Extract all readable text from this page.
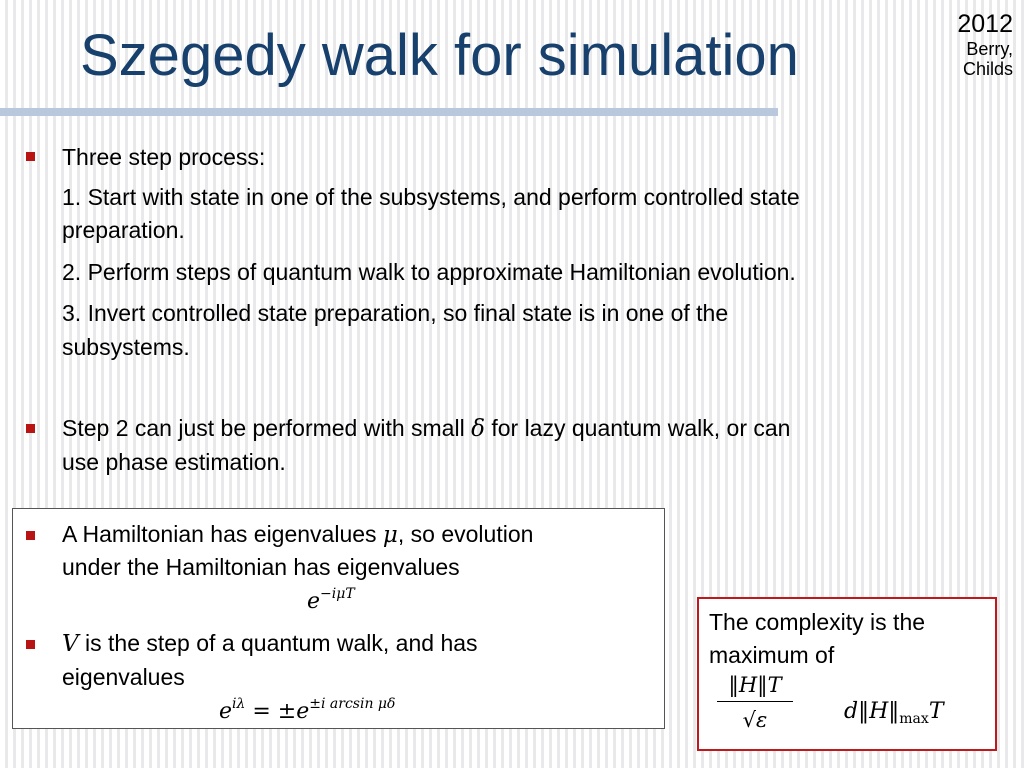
Szegedy walk for simulation	2012
Berry,
Childs
Three step process:
1. Start with state in one of the subsystems, and perform controlled state
preparation.
2. Perform steps of quantum walk to approximate Hamiltonian evolution.
3. Invert controlled state preparation, so final state is in one of the
subsystems.
Step 2 can just be performed with small δ for lazy quantum walk, or can
use phase estimation.
A Hamiltonian has eigenvalues μ, so evolution
under the Hamiltonian has eigenvalues
$e^{-i\mu T}$
V is the step of a quantum walk, and has
eigenvalues
$e^{i\lambda} = \pm e^{\pm i arcsin \mu\delta}$
The complexity is the
maximum of
$\frac{‖H‖T}{√\varepsilon}$ $d‖H‖_{max}T$
